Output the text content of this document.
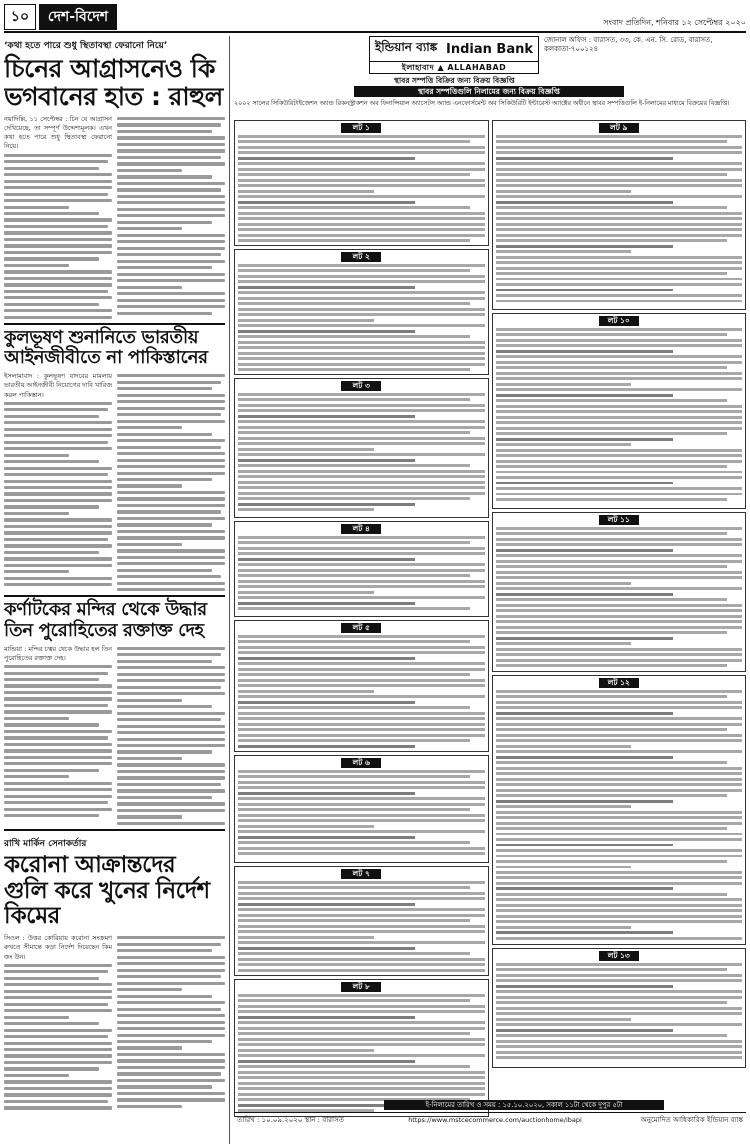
১০	দেশ-বিদেশ	সংবাদ প্রতিদিন, শনিবার ১২ সেপ্টেম্বর ২০২০
‘কথা হতে পারে শুধু স্থিতাবস্থা ফেরানো নিয়ে’
চিনের আগ্রাসনেও কি ভগবানের হাত : রাহুল

নয়াদিল্লি, ১১ সেপ্টেম্বর : চিন যে আগ্রাসন দেখিয়েছে, তা সম্পূর্ণ উদ্দেশ্যমূলক। এখন কথা হতে পারে শুধু স্থিতাবস্থা ফেরানো নিয়ে।

কুলভূষণ শুনানিতে ভারতীয় আইনজীবীতে না পাকিস্তানের

ইসলামাবাদ : কুলভূষণ যাদবের মামলায় ভারতীয় আইনজীবী নিয়োগের দাবি খারিজ করল পাকিস্তান।

কর্ণাটকের মন্দির থেকে উদ্ধার তিন পুরোহিতের রক্তাক্ত দেহ

মান্ডিয়া : মন্দির চত্বর থেকে উদ্ধার হল তিন পুরোহিতের রক্তাক্ত দেহ।

রাখি মার্কিন সেনাকর্তার
করোনা আক্রান্তদের গুলি করে খুনের নির্দেশ কিমের

সিওল : উত্তর কোরিয়ায় করোনা সংক্রমণ রুখতে সীমান্তে কড়া নির্দেশ দিয়েছেন কিম জং উন।

ইন্ডিয়ান ব্যাঙ্ক Indian Bank
ইলাহাবাদ ▲ ALLAHABAD
জোনাল অফিস : বারাসত, ৩৩, কে. এন. সি. রোড, বারাসত, কলকাতা-৭০০১২৪
স্থাবর সম্পত্তি বিক্রির জন্য বিক্রয় বিজ্ঞপ্তি
স্থাবর সম্পত্তিগুলি নিলামের জন্য বিক্রয় বিজ্ঞপ্তি

২০০২ সালের সিকিউরিটাইজেশন অ্যান্ড রিকনস্ট্রাকশন অব ফিনান্সিয়াল অ্যাসেটস অ্যান্ড এনফোর্সমেন্ট অব সিকিউরিটি ইন্টারেস্ট অ্যাক্টের অধীনে স্থাবর সম্পত্তিগুলি ই-নিলামের মাধ্যমে বিক্রয়ের বিজ্ঞপ্তি।

লট ১
লট ২
লট ৩
লট ৪
লট ৫
লট ৬
লট ৭
লট ৮
লট ৯
লট ১০
লট ১১
লট ১২
লট ১৩
ই-নিলামের তারিখ ও সময় : ১৫.১০.২০২০, সকাল ১১টা থেকে দুপুর ৫টা
তারিখ : ১০.০৯.২০২০ স্থান : বারাসত	https://www.mstcecommerce.com/auctionhome/ibapi	অনুমোদিত আধিকারিক ইন্ডিয়ান ব্যাঙ্ক
